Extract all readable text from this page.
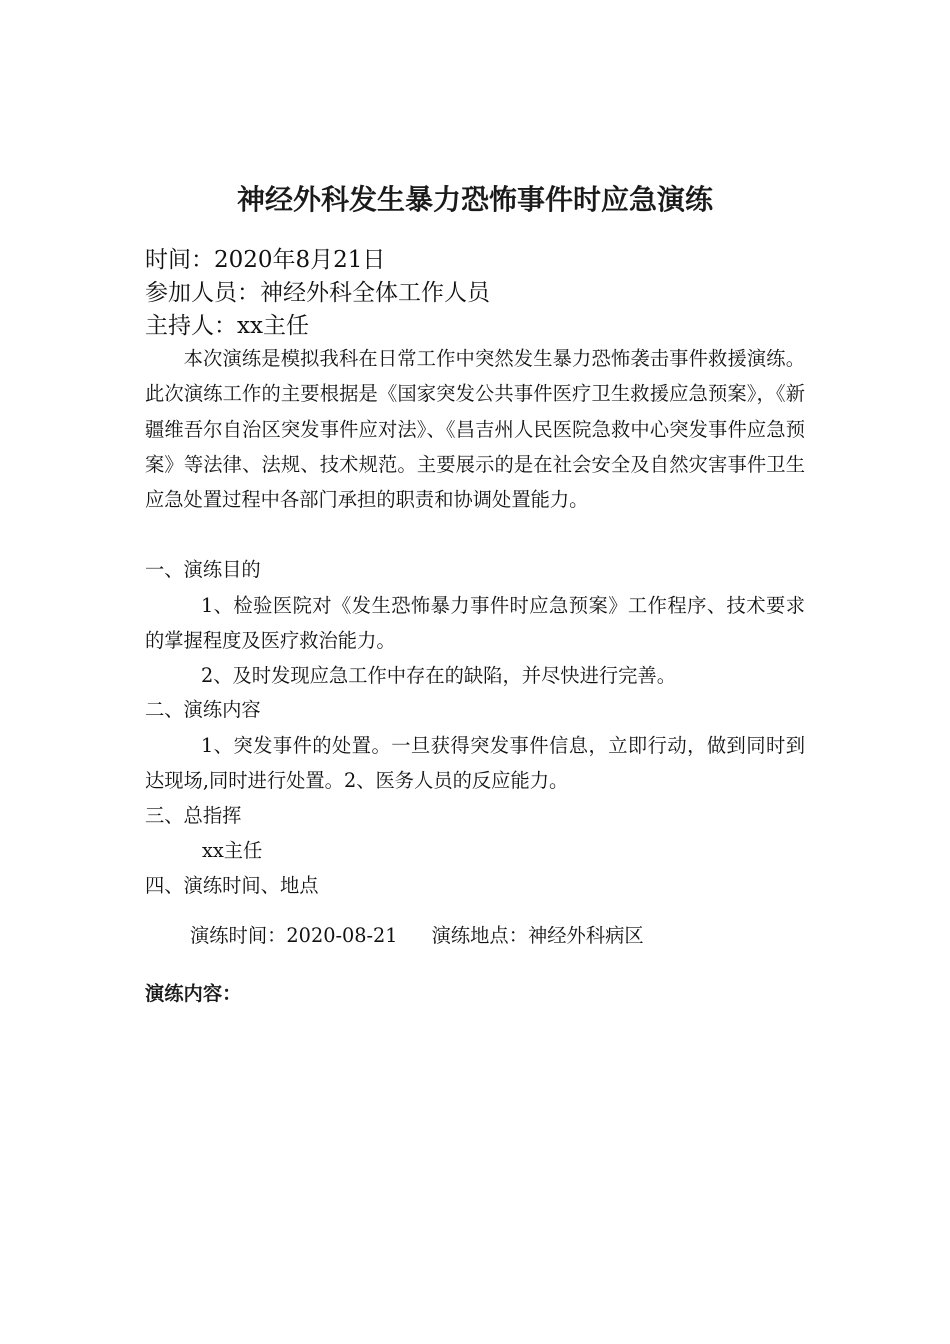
神经外科发生暴力恐怖事件时应急演练
时间：2020年8月21日
参加人员：神经外科全体工作人员
主持人：xx主任

本次演练是模拟我科在日常工作中突然发生暴力恐怖袭击事件救援演练。此次演练工作的主要根据是《国家突发公共事件医疗卫生救援应急预案》，《新疆维吾尔自治区突发事件应对法》、《昌吉州人民医院急救中心突发事件应急预案》等法律、法规、技术规范。主要展示的是在社会安全及自然灾害事件卫生应急处置过程中各部门承担的职责和协调处置能力。

一、演练目的

1、检验医院对《发生恐怖暴力事件时应急预案》工作程序、技术要求的掌握程度及医疗救治能力。

2、及时发现应急工作中存在的缺陷，并尽快进行完善。

二、演练内容

1、突发事件的处置。一旦获得突发事件信息，立即行动，做到同时到达现场,同时进行处置。2、医务人员的反应能力。

三、总指挥
xx主任
四、演练时间、地点
演练时间：2020-08-21 演练地点：神经外科病区
演练内容：
